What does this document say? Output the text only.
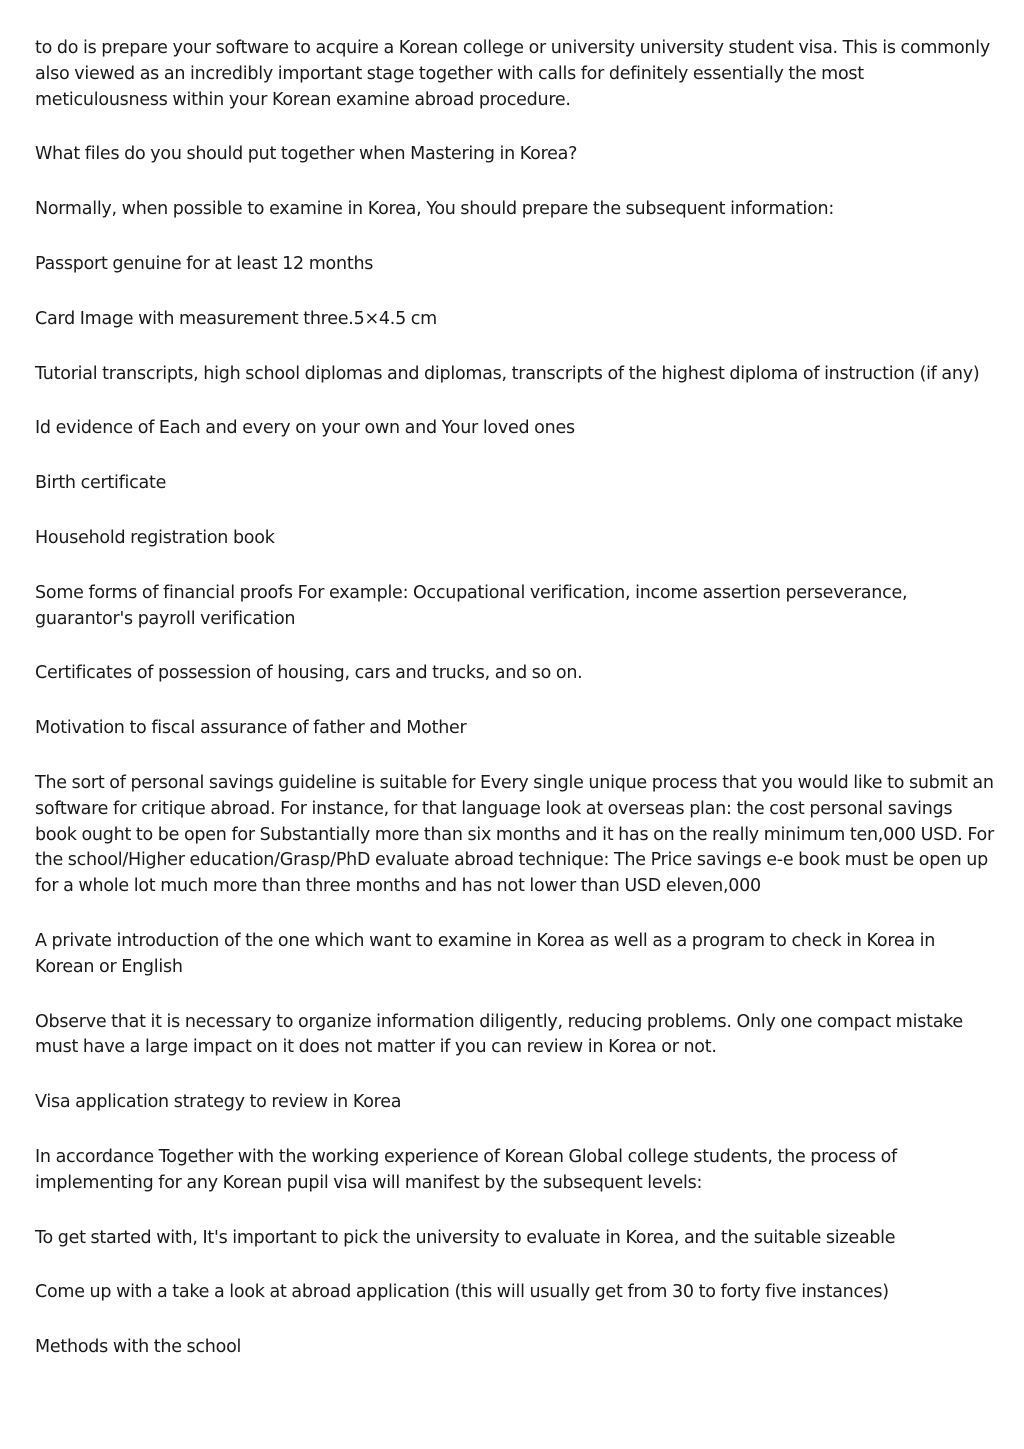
to do is prepare your software to acquire a Korean college or university university student visa. This is commonly also viewed as an incredibly important stage together with calls for definitely essentially the most meticulousness within your Korean examine abroad procedure.

What files do you should put together when Mastering in Korea?

Normally, when possible to examine in Korea, You should prepare the subsequent information:

Passport genuine for at least 12 months

Card Image with measurement three.5×4.5 cm

Tutorial transcripts, high school diplomas and diplomas, transcripts of the highest diploma of instruction (if any)

Id evidence of Each and every on your own and Your loved ones

Birth certificate

Household registration book

Some forms of financial proofs For example: Occupational verification, income assertion perseverance, guarantor's payroll verification

Certificates of possession of housing, cars and trucks, and so on.

Motivation to fiscal assurance of father and Mother

The sort of personal savings guideline is suitable for Every single unique process that you would like to submit an software for critique abroad. For instance, for that language look at overseas plan: the cost personal savings book ought to be open for Substantially more than six months and it has on the really minimum ten,000 USD. For the school/Higher education/Grasp/PhD evaluate abroad technique: The Price savings e-e book must be open up for a whole lot much more than three months and has not lower than USD eleven,000

A private introduction of the one which want to examine in Korea as well as a program to check in Korea in Korean or English

Observe that it is necessary to organize information diligently, reducing problems. Only one compact mistake must have a large impact on it does not matter if you can review in Korea or not.

Visa application strategy to review in Korea

In accordance Together with the working experience of Korean Global college students, the process of implementing for any Korean pupil visa will manifest by the subsequent levels:

To get started with, It's important to pick the university to evaluate in Korea, and the suitable sizeable

Come up with a take a look at abroad application (this will usually get from 30 to forty five instances)

Methods with the school
